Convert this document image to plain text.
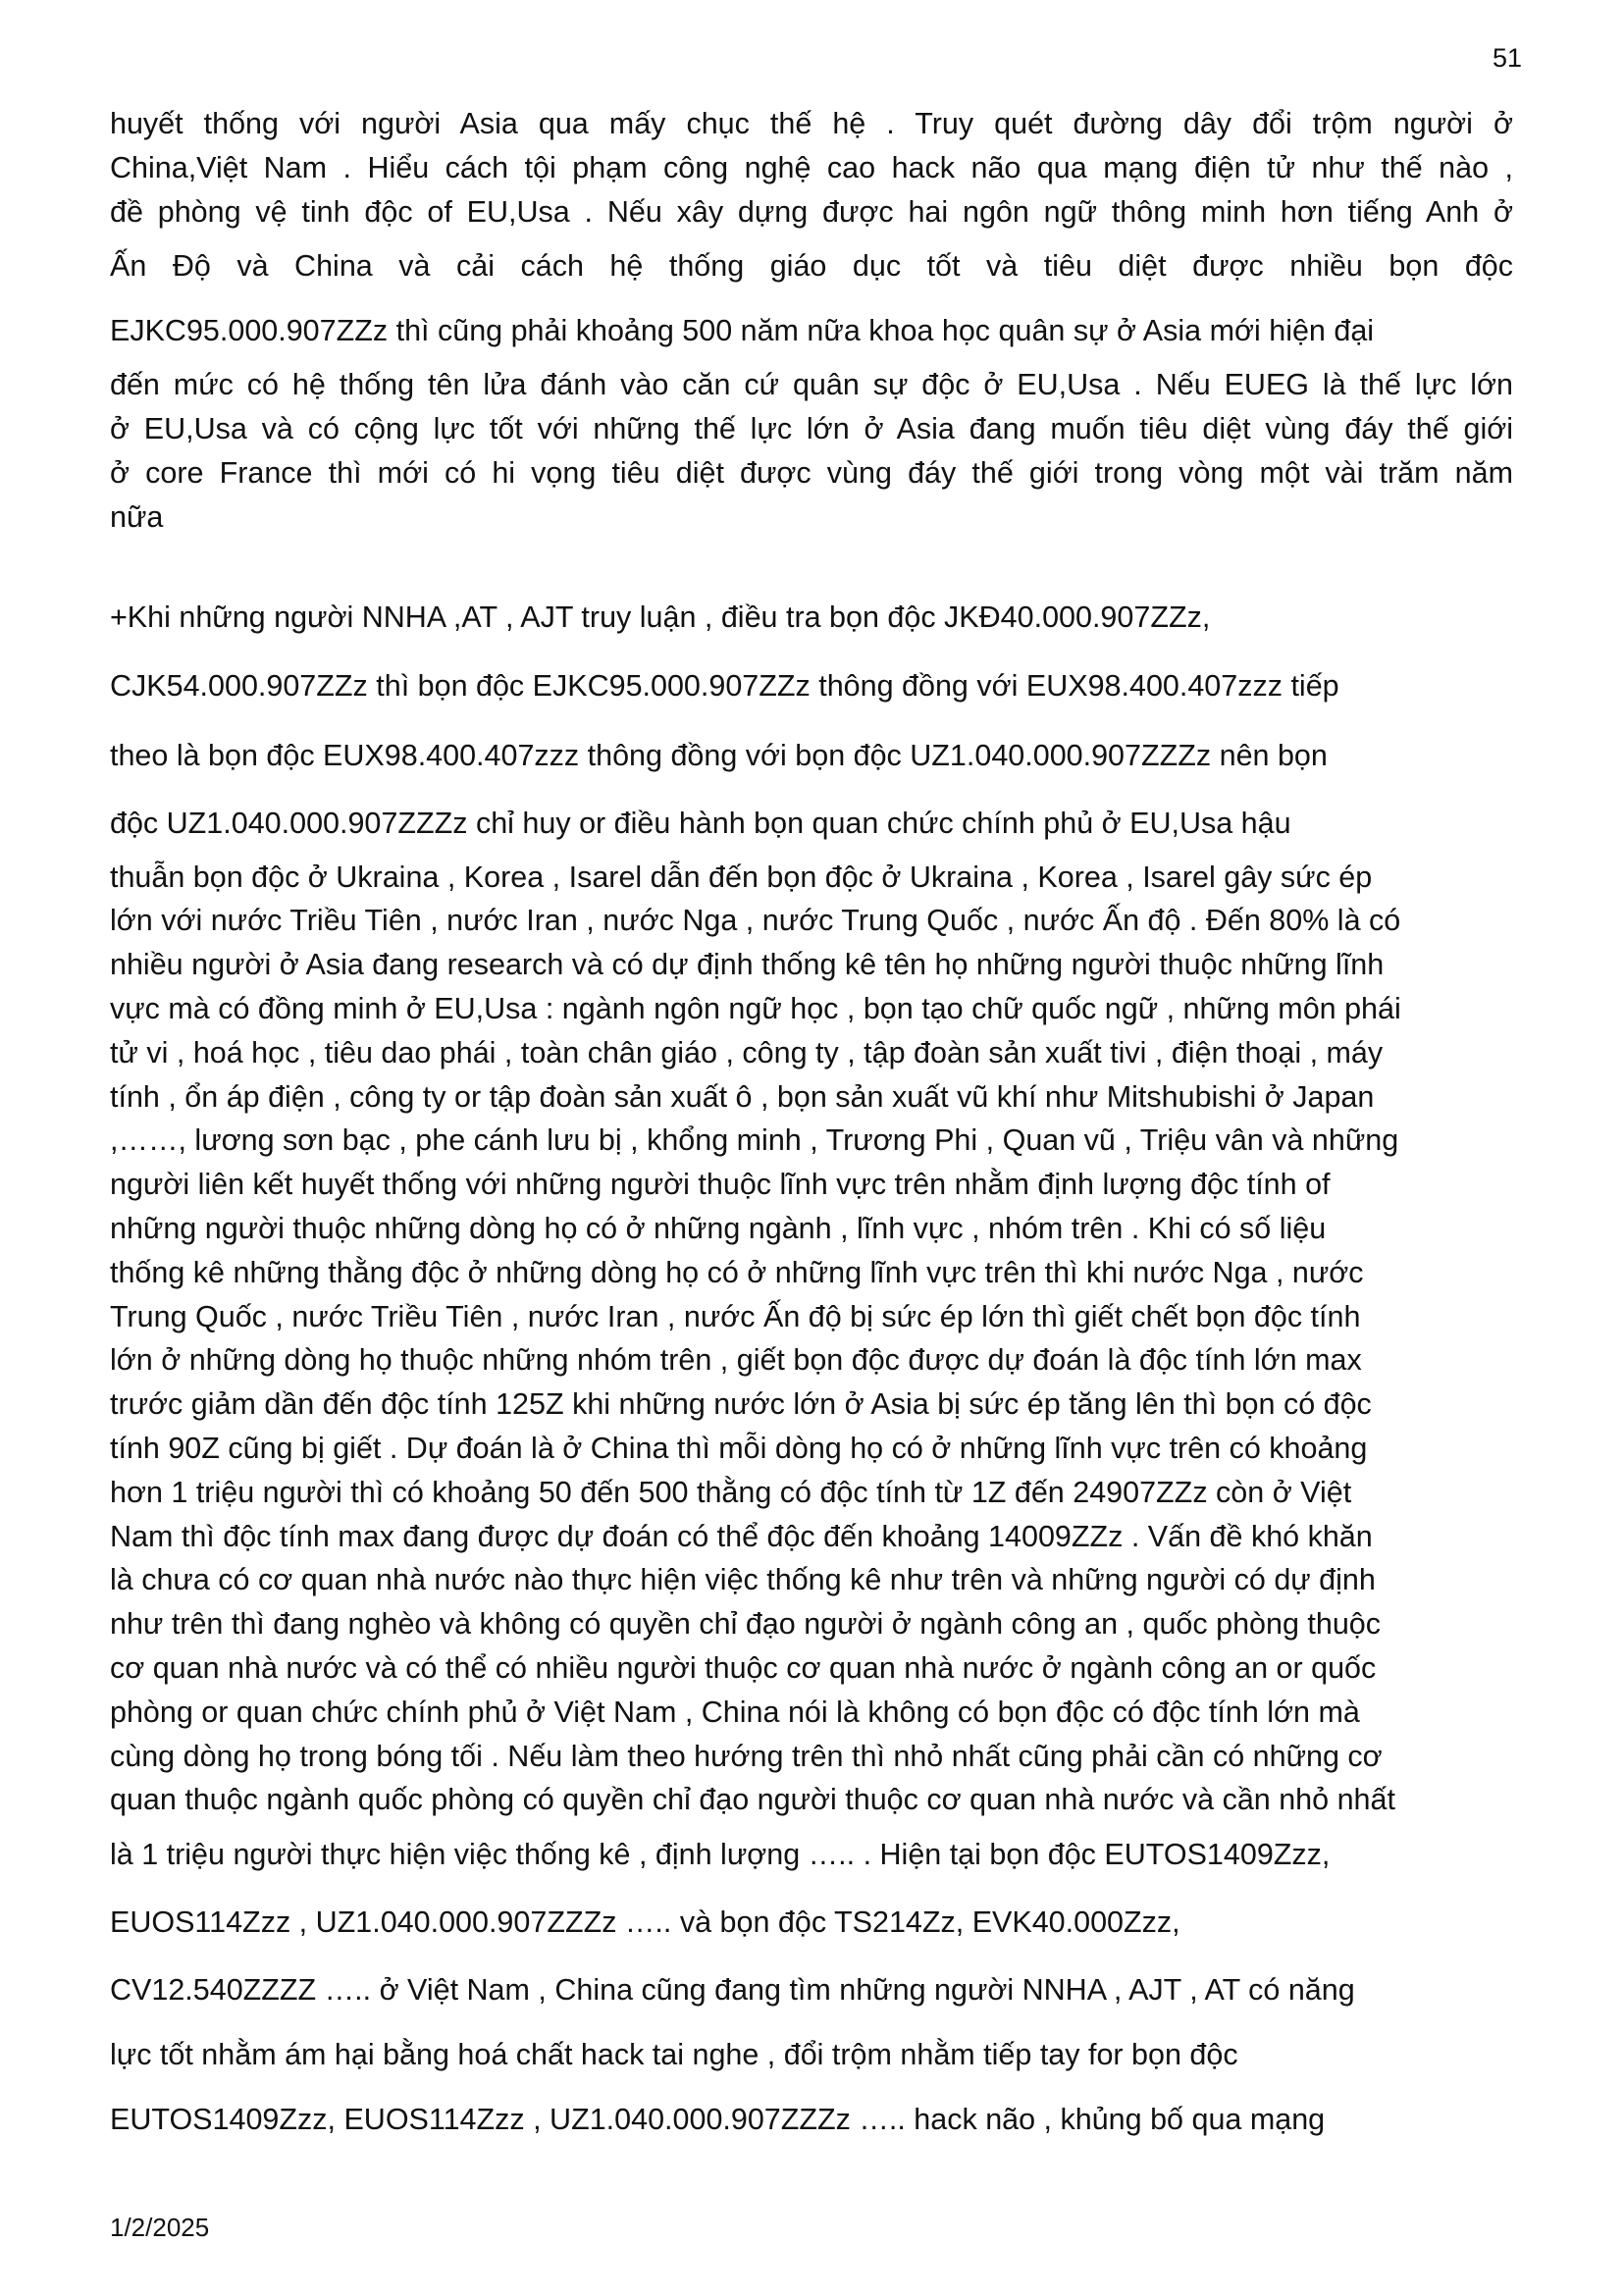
51

huyết thống với người Asia qua mấy chục thế hệ . Truy quét đường dây đổi trộm người ở

China,Việt Nam . Hiểu cách tội phạm công nghệ cao hack não qua mạng điện tử như thế nào ,

đề phòng vệ tinh độc of EU,Usa . Nếu xây dựng được hai ngôn ngữ thông minh hơn tiếng Anh ở

Ấn Độ và China và cải cách hệ thống giáo dục tốt và tiêu diệt được nhiều bọn độc

EJKC95.000.907ZZz thì cũng phải khoảng 500 năm nữa khoa học quân sự ở Asia mới hiện đại

đến mức có hệ thống tên lửa đánh vào căn cứ quân sự độc ở EU,Usa . Nếu EUEG là thế lực lớn

ở EU,Usa và có cộng lực tốt với những thế lực lớn ở Asia đang muốn tiêu diệt vùng đáy thế giới

ở core France thì mới có hi vọng tiêu diệt được vùng đáy thế giới trong vòng một vài trăm năm

nữa

+Khi những người NNHA ,AT , AJT truy luận , điều tra bọn độc JKĐ40.000.907ZZz,

CJK54.000.907ZZz thì bọn độc EJKC95.000.907ZZz thông đồng với EUX98.400.407zzz tiếp

theo là bọn độc EUX98.400.407zzz thông đồng với bọn độc UZ1.040.000.907ZZZz nên bọn

độc UZ1.040.000.907ZZZz chỉ huy or điều hành bọn quan chức chính phủ ở EU,Usa hậu

thuẫn bọn độc ở Ukraina , Korea , Isarel dẫn đến bọn độc ở Ukraina , Korea , Isarel gây sức ép

lớn với nước Triều Tiên , nước Iran , nước Nga , nước Trung Quốc , nước Ấn độ . Đến 80% là có

nhiều người ở Asia đang research và có dự định thống kê tên họ những người thuộc những lĩnh

vực mà có đồng minh ở EU,Usa : ngành ngôn ngữ học , bọn tạo chữ quốc ngữ , những môn phái

tử vi , hoá học , tiêu dao phái , toàn chân giáo , công ty , tập đoàn sản xuất tivi , điện thoại , máy

tính , ổn áp điện , công ty or tập đoàn sản xuất ô , bọn sản xuất vũ khí như Mitshubishi ở Japan

,……, lương sơn bạc , phe cánh lưu bị , khổng minh , Trương Phi , Quan vũ , Triệu vân và những

người liên kết huyết thống với những người thuộc lĩnh vực trên nhằm định lượng độc tính of

những người thuộc những dòng họ có ở những ngành , lĩnh vực , nhóm trên . Khi có số liệu

thống kê những thằng độc ở những dòng họ có ở những lĩnh vực trên thì khi nước Nga , nước

Trung Quốc , nước Triều Tiên , nước Iran , nước Ấn độ bị sức ép lớn thì giết chết bọn độc tính

lớn ở những dòng họ thuộc những nhóm trên , giết bọn độc được dự đoán là độc tính lớn max

trước giảm dần đến độc tính 125Z khi những nước lớn ở Asia bị sức ép tăng lên thì bọn có độc

tính 90Z cũng bị giết . Dự đoán là ở China thì mỗi dòng họ có ở những lĩnh vực trên có khoảng

hơn 1 triệu người thì có khoảng 50 đến 500 thằng có độc tính từ 1Z đến 24907ZZz còn ở Việt

Nam thì độc tính max đang được dự đoán có thể độc đến khoảng 14009ZZz . Vấn đề khó khăn

là chưa có cơ quan nhà nước nào thực hiện việc thống kê như trên và những người có dự định

như trên thì đang nghèo và không có quyền chỉ đạo người ở ngành công an , quốc phòng thuộc

cơ quan nhà nước và có thể có nhiều người thuộc cơ quan nhà nước ở ngành công an or quốc

phòng or quan chức chính phủ ở Việt Nam , China nói là không có bọn độc có độc tính lớn mà

cùng dòng họ trong bóng tối . Nếu làm theo hướng trên thì nhỏ nhất cũng phải cần có những cơ

quan thuộc ngành quốc phòng có quyền chỉ đạo người thuộc cơ quan nhà nước và cần nhỏ nhất

là 1 triệu người thực hiện việc thống kê , định lượng ….. . Hiện tại bọn độc EUTOS1409Zzz,

EUOS114Zzz , UZ1.040.000.907ZZZz ….. và bọn độc TS214Zz, EVK40.000Zzz,

CV12.540ZZZZ ….. ở Việt Nam , China cũng đang tìm những người NNHA , AJT , AT có năng

lực tốt nhằm ám hại bằng hoá chất hack tai nghe , đổi trộm nhằm tiếp tay for bọn độc

EUTOS1409Zzz, EUOS114Zzz , UZ1.040.000.907ZZZz ….. hack não , khủng bố qua mạng

1/2/2025
